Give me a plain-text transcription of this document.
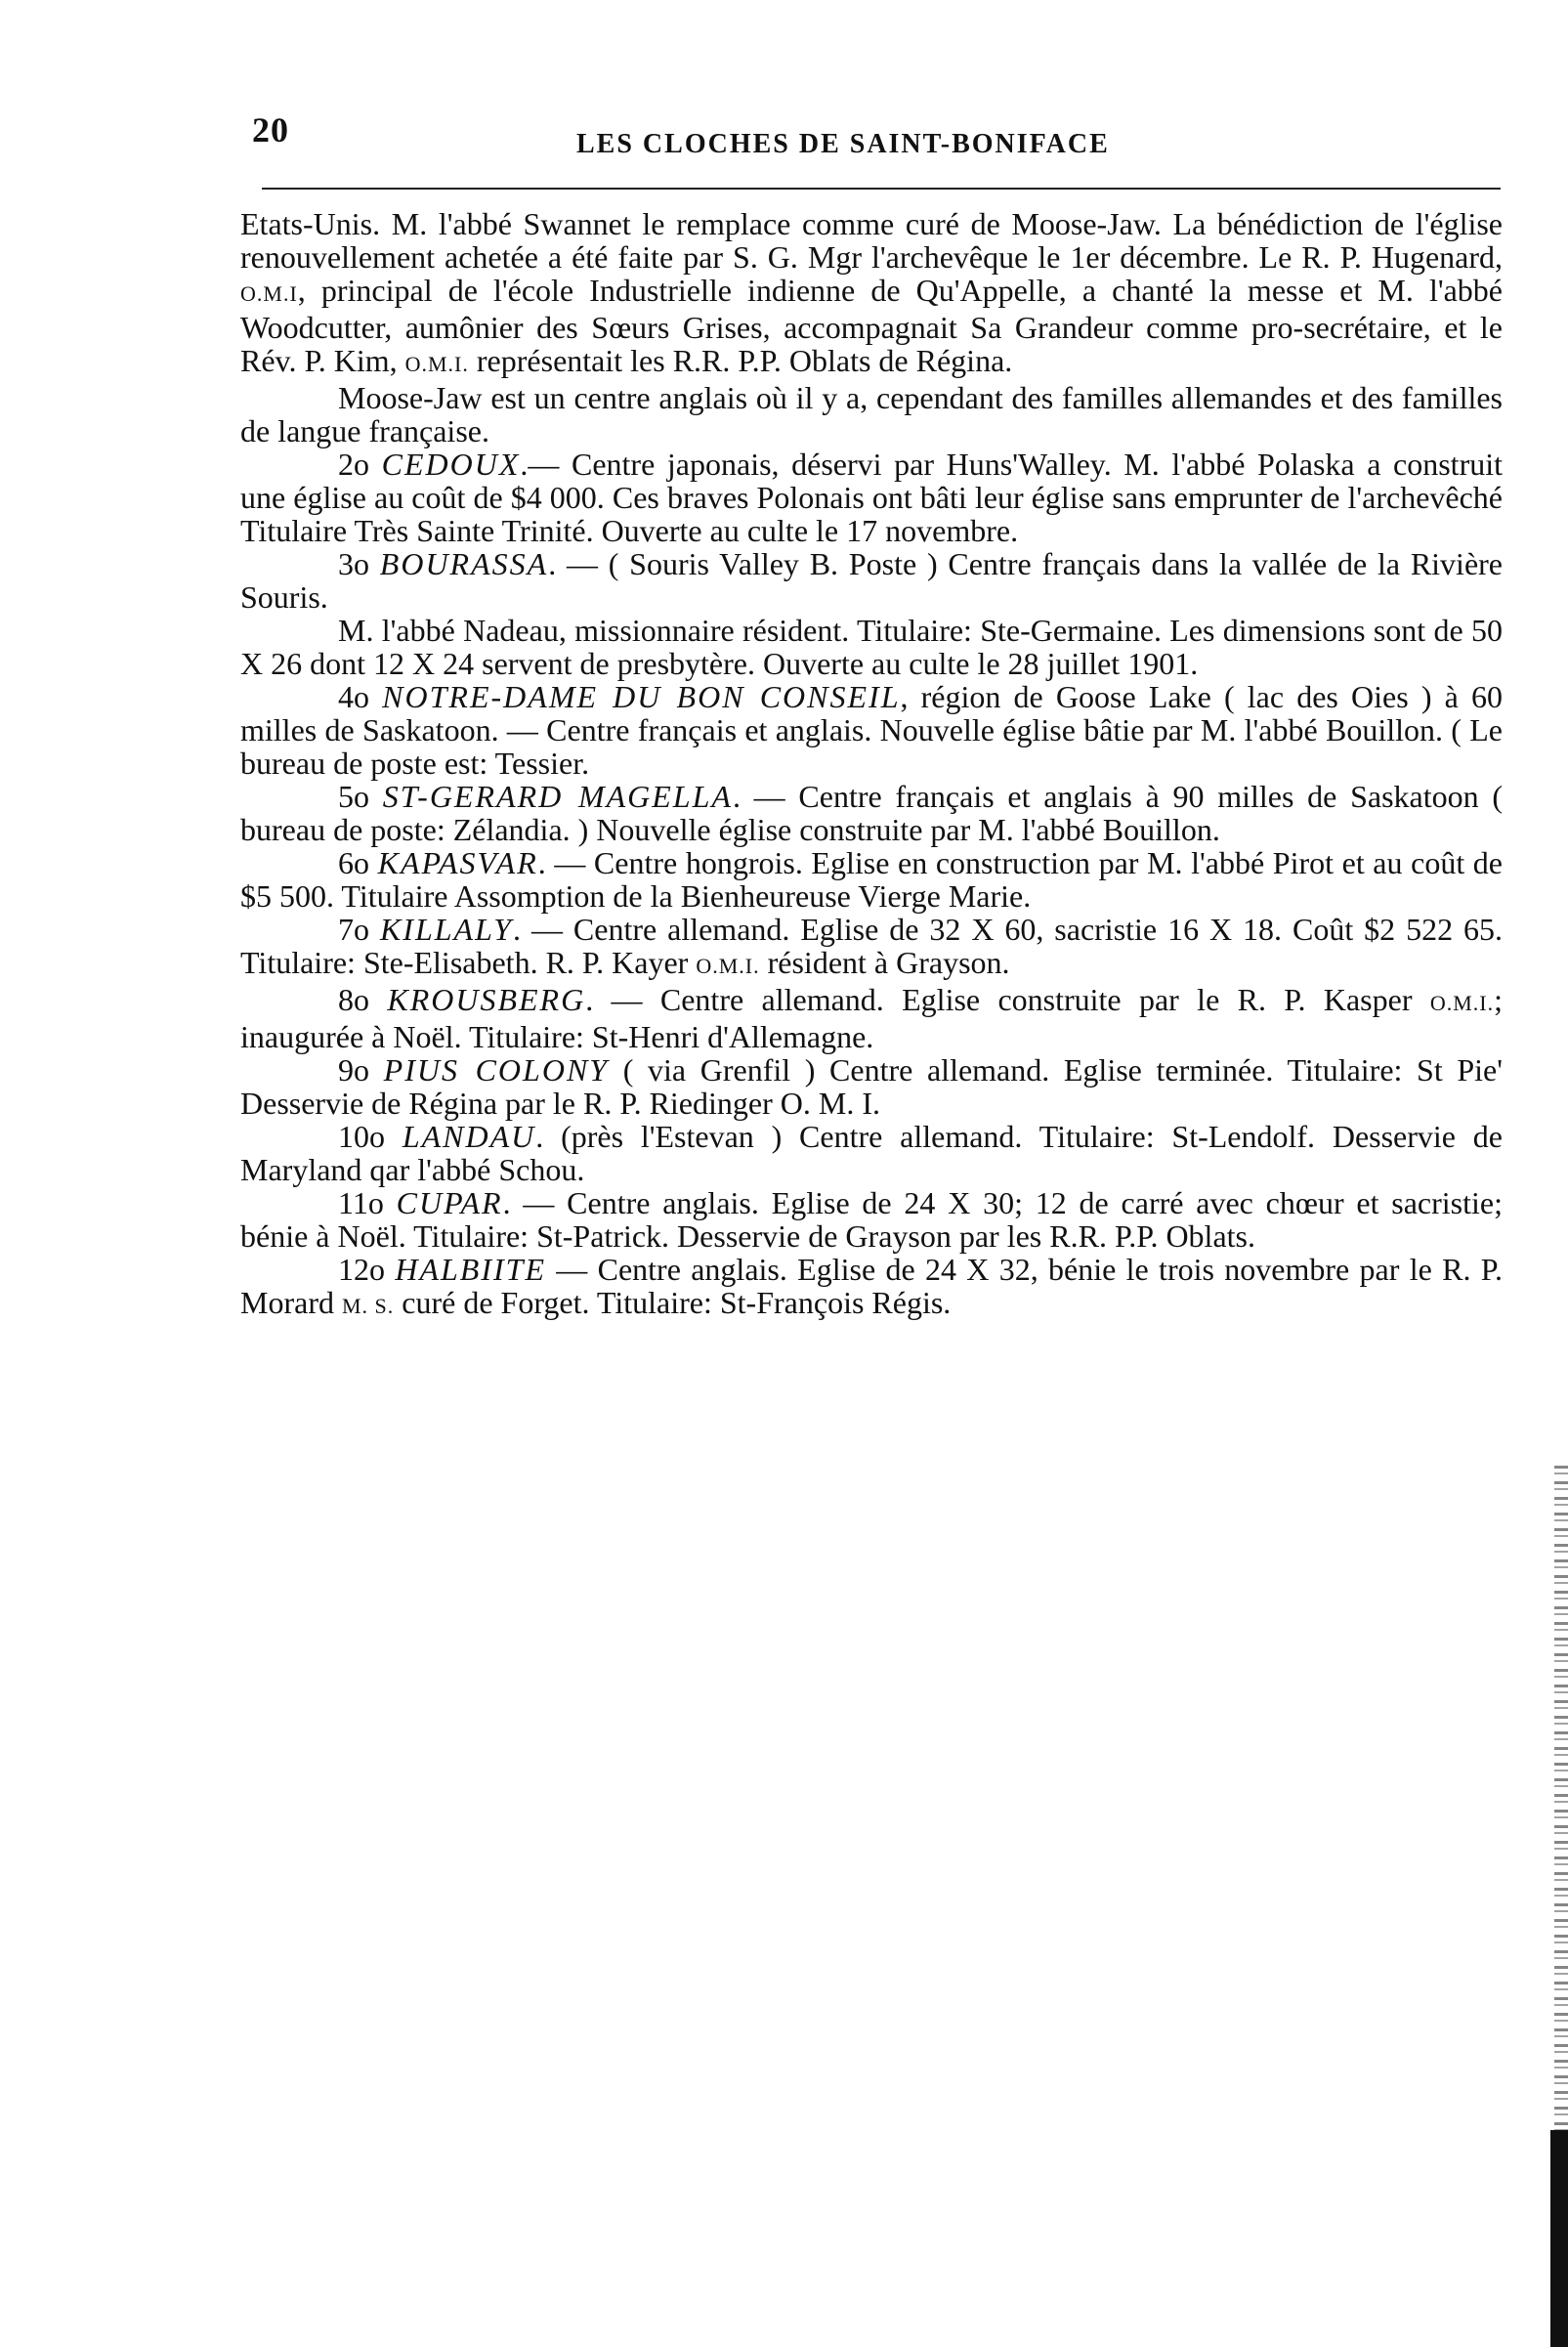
20	LES CLOCHES DE SAINT-BONIFACE

Etats-Unis. M. l'abbé Swannet le remplace comme curé de Moose-Jaw. La bénédiction de l'église renouvellement achetée a été faite par S. G. Mgr l'archevêque le 1er décembre. Le R. P. Hugenard, O.M.I, principal de l'école Industrielle indienne de Qu'Appelle, a chanté la messe et M. l'abbé Woodcutter, aumônier des Sœurs Grises, accompagnait Sa Grandeur comme pro-secrétaire, et le Rév. P. Kim, O.M.I. représentait les R.R. P.P. Oblats de Régina.

Moose-Jaw est un centre anglais où il y a, cependant des familles allemandes et des familles de langue française.

2o CEDOUX.— Centre japonais, déservi par Huns'Walley. M. l'abbé Polaska a construit une église au coût de $4 000. Ces braves Polonais ont bâti leur église sans emprunter de l'archevêché Titulaire Très Sainte Trinité. Ouverte au culte le 17 novembre.

3o BOURASSA. — ( Souris Valley B. Poste ) Centre français dans la vallée de la Rivière Souris.

M. l'abbé Nadeau, missionnaire résident. Titulaire: Ste-Germaine. Les dimensions sont de 50 X 26 dont 12 X 24 servent de presbytère. Ouverte au culte le 28 juillet 1901.

4o NOTRE-DAME DU BON CONSEIL, région de Goose Lake ( lac des Oies ) à 60 milles de Saskatoon. — Centre français et anglais. Nouvelle église bâtie par M. l'abbé Bouillon. ( Le bureau de poste est: Tessier.

5o ST-GERARD MAGELLA. — Centre français et anglais à 90 milles de Saskatoon ( bureau de poste: Zélandia. ) Nouvelle église construite par M. l'abbé Bouillon.

6o KAPASVAR. — Centre hongrois. Eglise en construction par M. l'abbé Pirot et au coût de $5 500. Titulaire Assomption de la Bienheureuse Vierge Marie.

7o KILLALY. — Centre allemand. Eglise de 32 X 60, sacristie 16 X 18. Coût $2 522 65. Titulaire: Ste-Elisabeth. R. P. Kayer O.M.I. résident à Grayson.

8o KROUSBERG. — Centre allemand. Eglise construite par le R. P. Kasper O.M.I.; inaugurée à Noël. Titulaire: St-Henri d'Allemagne.

9o PIUS COLONY ( via Grenfil ) Centre allemand. Eglise terminée. Titulaire: St Pie' Desservie de Régina par le R. P. Riedinger O. M. I.

10o LANDAU. (près l'Estevan ) Centre allemand. Titulaire: St-Lendolf. Desservie de Maryland qar l'abbé Schou.

11o CUPAR. — Centre anglais. Eglise de 24 X 30; 12 de carré avec chœur et sacristie; bénie à Noël. Titulaire: St-Patrick. Desservie de Grayson par les R.R. P.P. Oblats.

12o HALBIITE — Centre anglais. Eglise de 24 X 32, bénie le trois novembre par le R. P. Morard M. S. curé de Forget. Titulaire: St-François Régis.
